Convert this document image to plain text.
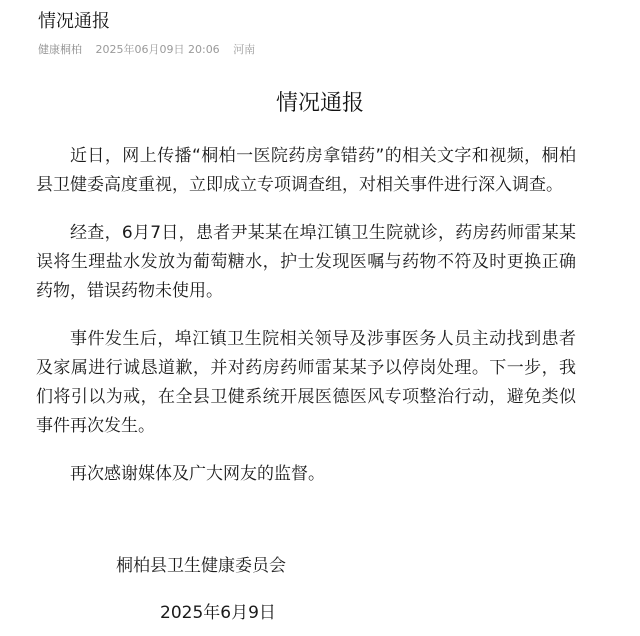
情况通报
健康桐柏 2025年06月09日 20:06 河南
情况通报

近日，网上传播“桐柏一医院药房拿错药”的相关文字和视频，桐柏县卫健委高度重视，立即成立专项调查组，对相关事件进行深入调查。

经查，6月7日，患者尹某某在埠江镇卫生院就诊，药房药师雷某某误将生理盐水发放为葡萄糖水，护士发现医嘱与药物不符及时更换正确药物，错误药物未使用。

事件发生后，埠江镇卫生院相关领导及涉事医务人员主动找到患者及家属进行诚恳道歉，并对药房药师雷某某予以停岗处理。下一步，我们将引以为戒，在全县卫健系统开展医德医风专项整治行动，避免类似事件再次发生。

再次感谢媒体及广大网友的监督。

桐柏县卫生健康委员会
2025年6月9日
